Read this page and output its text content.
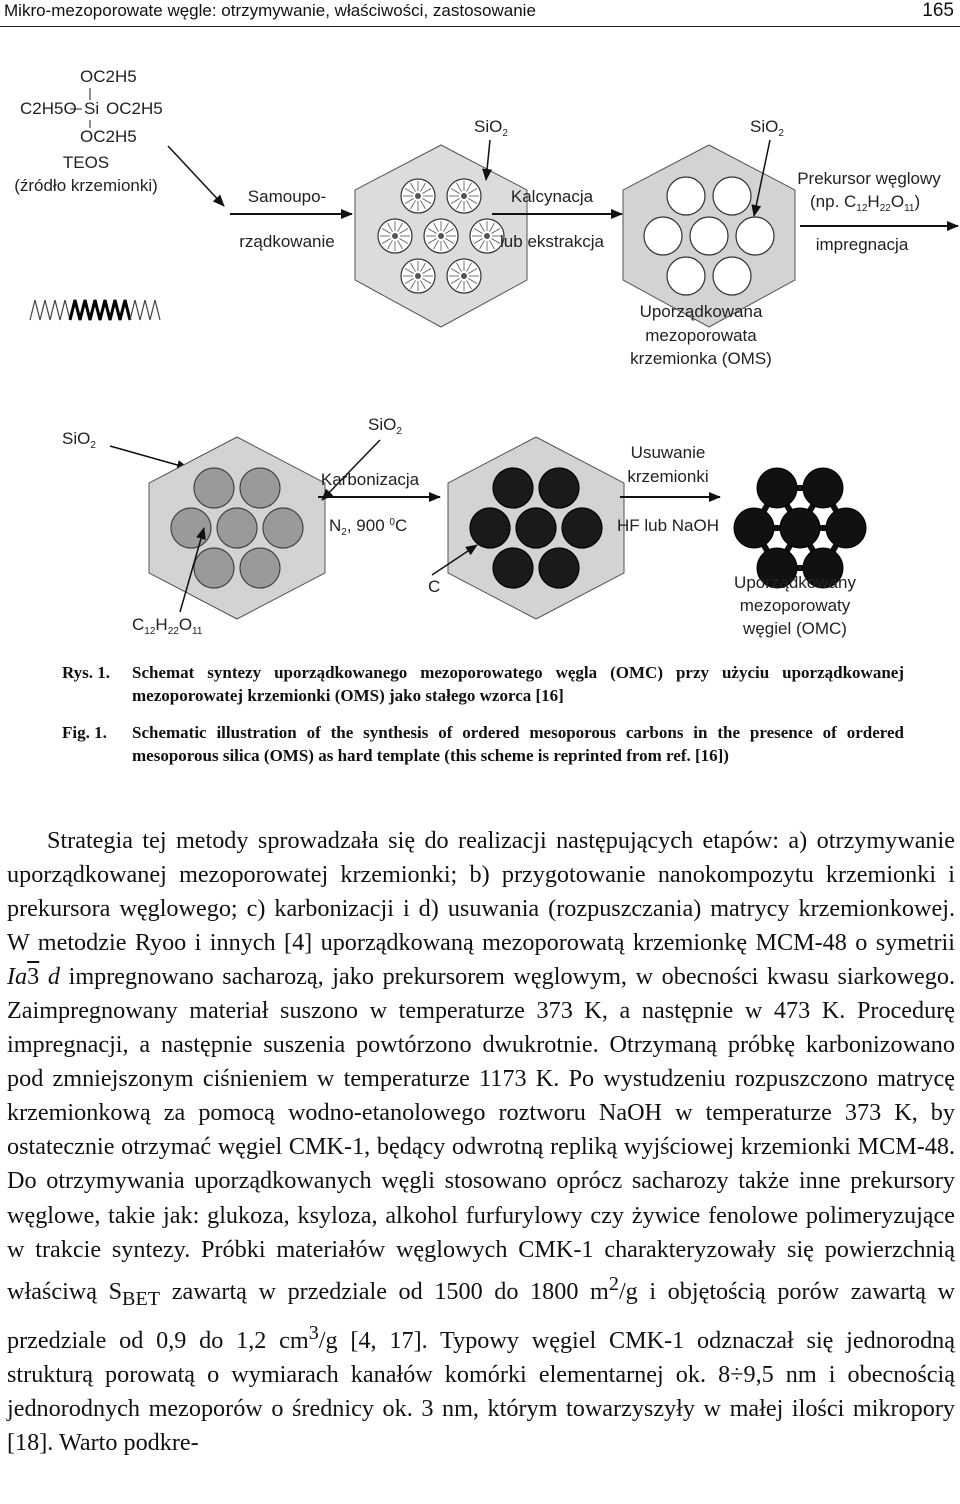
Mikro-mezoporowate węgle: otrzymywanie, właściwości, zastosowanie	165
OC2H5
C2H5O Si OC2H5
OC2H5
TEOS
(źródło krzemionki)
Samoupo-
rządkowanie
SiO$_2$
Kalcynacja
lub ekstrakcja
SiO$_2$
Prekursor węglowy
(np. $C_{12}H_{22}O_{11}$)
impregnacja
Uporządkowana
mezoporowata
krzemionka (OMS)
SiO$_2$
SiO$_2$
Karbonizacja
$N_2$, 900 $^0$C
Usuwanie
krzemionki
HF lub NaOH
$C_{12}H_{22}O_{11}$
C	Uporządkowany
mezoporowaty
węgiel (OMC)
Rys. 1.	Schemat syntezy uporządkowanego mezoporowatego węgla (OMC) przy użyciu uporządkowanej mezoporowatej krzemionki (OMS) jako stałego wzorca [16]
Fig. 1.	Schematic illustration of the synthesis of ordered mesoporous carbons in the presence of ordered mesoporous silica (OMS) as hard template (this scheme is reprinted from ref. [16])

Strategia tej metody sprowadzała się do realizacji następujących etapów: a) otrzymywanie uporządkowanej mezoporowatej krzemionki; b) przygotowanie nanokompozytu krzemionki i prekursora węglowego; c) karbonizacji i d) usuwania (rozpuszczania) matrycy krzemionkowej. W metodzie Ryoo i innych [4] uporządkowaną mezoporowatą krzemionkę MCM-48 o symetrii Ia3 d impregnowano sacharozą, jako prekursorem węglowym, w obecności kwasu siarkowego. Zaimpregnowany materiał suszono w temperaturze 373 K, a następnie w 473 K. Procedurę impregnacji, a następnie suszenia powtórzono dwukrotnie. Otrzymaną próbkę karbonizowano pod zmniejszonym ciśnieniem w temperaturze 1173 K. Po wystudzeniu rozpuszczono matrycę krzemionkową za pomocą wodno-etanolowego roztworu NaOH w temperaturze 373 K, by ostatecznie otrzymać węgiel CMK-1, będący odwrotną repliką wyjściowej krzemionki MCM-48. Do otrzymywania uporządkowanych węgli stosowano oprócz sacharozy także inne prekursory węglowe, takie jak: glukoza, ksyloza, alkohol furfurylowy czy żywice fenolowe polimeryzujące w trakcie syntezy. Próbki materiałów węglowych CMK-1 charakteryzowały się powierzchnią właściwą $S_{BET}$ zawartą w przedziale od 1500 do 1800 $m^2/g$ i objętością porów zawartą w przedziale od 0,9 do 1,2 $cm^3/g$ [4, 17]. Typowy węgiel CMK-1 odznaczał się jednorodną strukturą porowatą o wymiarach kanałów komórki elementarnej ok. 8÷9,5 nm i obecnością jednorodnych mezoporów o średnicy ok. 3 nm, którym towarzyszyły w małej ilości mikropory [18]. Warto podkre-
